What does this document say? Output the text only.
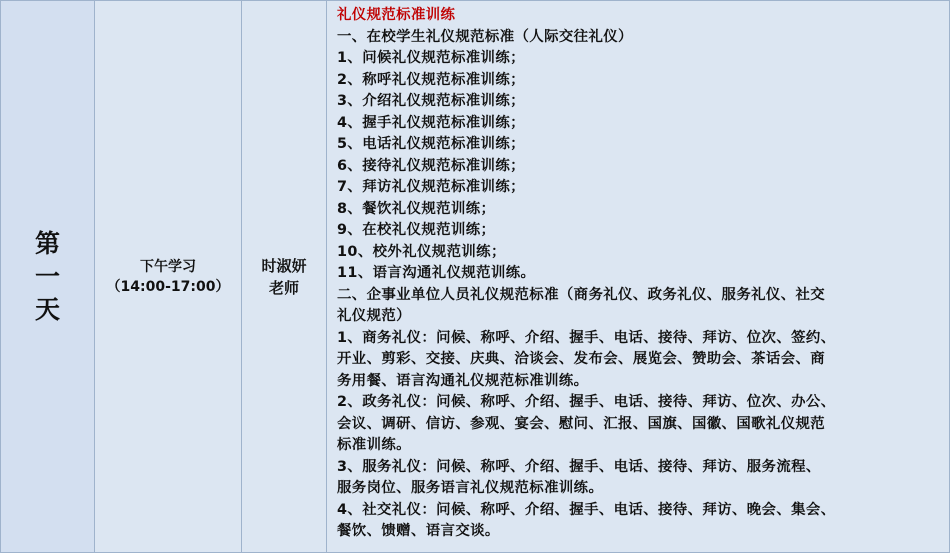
第
一
天

下午学习
（14:00-17:00）

时淑妍
老师

礼仪规范标准训练
一、在校学生礼仪规范标准（人际交往礼仪）
1、问候礼仪规范标准训练；
2、称呼礼仪规范标准训练；
3、介绍礼仪规范标准训练；
4、握手礼仪规范标准训练；
5、电话礼仪规范标准训练；
6、接待礼仪规范标准训练；
7、拜访礼仪规范标准训练；
8、餐饮礼仪规范训练；
9、在校礼仪规范训练；
10、校外礼仪规范训练；
11、语言沟通礼仪规范训练。
二、企事业单位人员礼仪规范标准（商务礼仪、政务礼仪、服务礼仪、社交
礼仪规范）
1、商务礼仪：问候、称呼、介绍、握手、电话、接待、拜访、位次、签约、
开业、剪彩、交接、庆典、洽谈会、发布会、展览会、赞助会、茶话会、商
务用餐、语言沟通礼仪规范标准训练。
2、政务礼仪：问候、称呼、介绍、握手、电话、接待、拜访、位次、办公、
会议、调研、信访、参观、宴会、慰问、汇报、国旗、国徽、国歌礼仪规范
标准训练。
3、服务礼仪：问候、称呼、介绍、握手、电话、接待、拜访、服务流程、
服务岗位、服务语言礼仪规范标准训练。
4、社交礼仪：问候、称呼、介绍、握手、电话、接待、拜访、晚会、集会、
餐饮、馈赠、语言交谈。
